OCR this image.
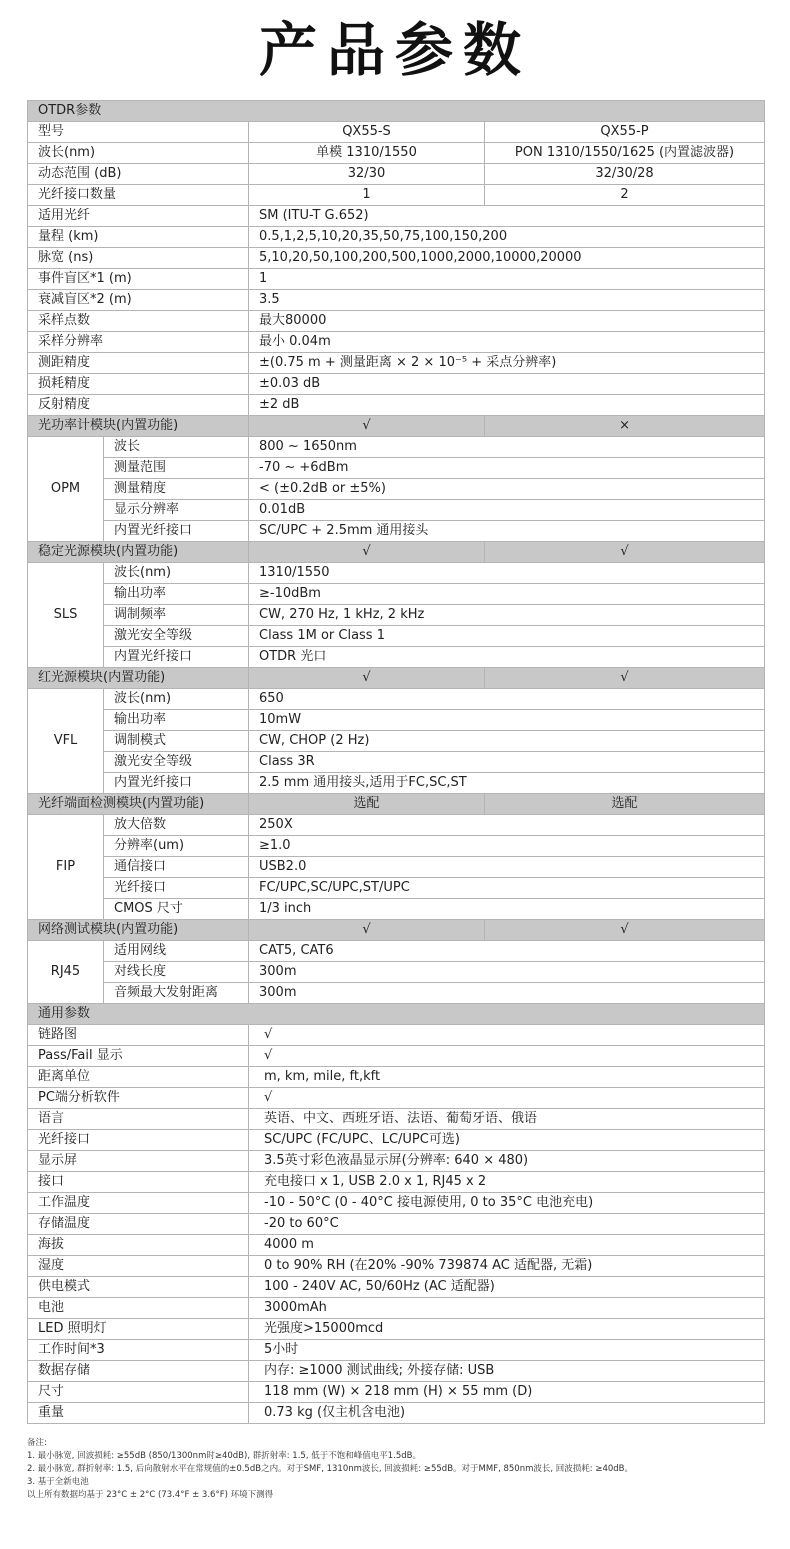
产品参数
OTDR参数			
型号		QX55-S	QX55-P
波长(nm)		单模 1310/1550	PON 1310/1550/1625 (内置滤波器)
动态范围 (dB)		32/30	32/30/28
光纤接口数量		1	2
适用光纤		SM (ITU-T G.652)	
量程 (km)		0.5,1,2,5,10,20,35,50,75,100,150,200	
脉宽 (ns)		5,10,20,50,100,200,500,1000,2000,10000,20000	
事件盲区*1 (m)		1	
衰减盲区*2 (m)		3.5	
采样点数		最大80000	
采样分辨率		最小 0.04m	
测距精度		±(0.75 m + 测量距离 × 2 × 10⁻⁵ + 采点分辨率)	
损耗精度		±0.03 dB	
反射精度		±2 dB	
光功率计模块(内置功能)		√	×
OPM	波长	800 ~ 1650nm	
	测量范围	-70 ~ +6dBm	
	测量精度	< (±0.2dB or ±5%)	
	显示分辨率	0.01dB	
	内置光纤接口	SC/UPC + 2.5mm 通用接头	
稳定光源模块(内置功能)		√	√
SLS	波长(nm)	1310/1550	
	输出功率	≥-10dBm	
	调制频率	CW, 270 Hz, 1 kHz, 2 kHz	
	激光安全等级	Class 1M or Class 1	
	内置光纤接口	OTDR 光口	
红光源模块(内置功能)		√	√
VFL	波长(nm)	650	
	输出功率	10mW	
	调制模式	CW, CHOP (2 Hz)	
	激光安全等级	Class 3R	
	内置光纤接口	2.5 mm 通用接头,适用于FC,SC,ST	
光纤端面检测模块(内置功能)		选配	选配
FIP	放大倍数	250X	
	分辨率(um)	≥1.0	
	通信接口	USB2.0	
	光纤接口	FC/UPC,SC/UPC,ST/UPC	
	CMOS 尺寸	1/3 inch	
网络测试模块(内置功能)		√	√
RJ45	适用网线	CAT5, CAT6	
	对线长度	300m	
	音频最大发射距离	300m	
通用参数			
链路图		√	
Pass/Fail 显示		√	
距离单位		m, km, mile, ft,kft	
PC端分析软件		√	
语言		英语、中文、西班牙语、法语、葡萄牙语、俄语	
光纤接口		SC/UPC (FC/UPC、LC/UPC可选)	
显示屏		3.5英寸彩色液晶显示屏(分辨率: 640 × 480)	
接口		充电接口 x 1, USB 2.0 x 1, RJ45 x 2	
工作温度		-10 - 50°C (0 - 40°C 接电源使用, 0 to 35°C 电池充电)	
存储温度		-20 to 60°C	
海拔		4000 m	
湿度		0 to 90% RH (在20% -90% 739874 AC 适配器, 无霜)	
供电模式		100 - 240V AC, 50/60Hz (AC 适配器)	
电池		3000mAh	
LED 照明灯		光强度>15000mcd	
工作时间*3		5小时	
数据存储		内存: ≥1000 测试曲线; 外接存储: USB	
尺寸		118 mm (W) × 218 mm (H) × 55 mm (D)	
重量		0.73 kg (仅主机含电池)	
备注:
1. 最小脉宽, 回波损耗: ≥55dB (850/1300nm时≥40dB), 群折射率: 1.5, 低于不饱和峰值电平1.5dB。
2. 最小脉宽, 群折射率: 1.5, 后向散射水平在常规值的±0.5dB之内。对于SMF, 1310nm波长, 回波损耗: ≥55dB。对于MMF, 850nm波长, 回波损耗: ≥40dB。
3. 基于全新电池
以上所有数据均基于 23°C ± 2°C (73.4°F ± 3.6°F) 环境下测得
